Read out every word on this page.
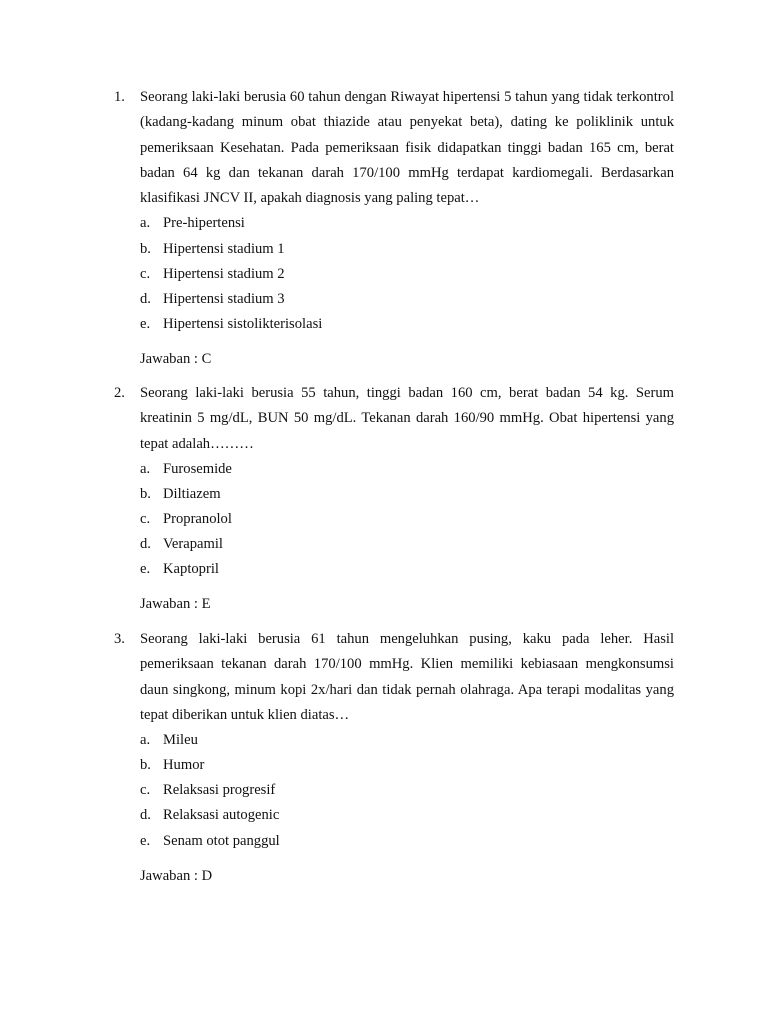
1.	Seorang laki-laki berusia 60 tahun dengan Riwayat hipertensi 5 tahun yang tidak terkontrol (kadang-kadang minum obat thiazide atau penyekat beta), dating ke poliklinik untuk pemeriksaan Kesehatan. Pada pemeriksaan fisik didapatkan tinggi badan 165 cm, berat badan 64 kg dan tekanan darah 170/100 mmHg terdapat kardiomegali. Berdasarkan klasifikasi JNCV II, apakah diagnosis yang paling tepat…
a. Pre-hipertensi
b. Hipertensi stadium 1
c. Hipertensi stadium 2
d. Hipertensi stadium 3
e. Hipertensi sistolikterisolasi
Jawaban : C
2.	Seorang laki-laki berusia 55 tahun, tinggi badan 160 cm, berat badan 54 kg. Serum kreatinin 5 mg/dL, BUN 50 mg/dL. Tekanan darah 160/90 mmHg. Obat hipertensi yang tepat adalah………
a. Furosemide
b. Diltiazem
c. Propranolol
d. Verapamil
e. Kaptopril
Jawaban : E
3.	Seorang laki-laki berusia 61 tahun mengeluhkan pusing, kaku pada leher. Hasil pemeriksaan tekanan darah 170/100 mmHg. Klien memiliki kebiasaan mengkonsumsi daun singkong, minum kopi 2x/hari dan tidak pernah olahraga. Apa terapi modalitas yang tepat diberikan untuk klien diatas…
a. Mileu
b. Humor
c. Relaksasi progresif
d. Relaksasi autogenic
e. Senam otot panggul
Jawaban : D
